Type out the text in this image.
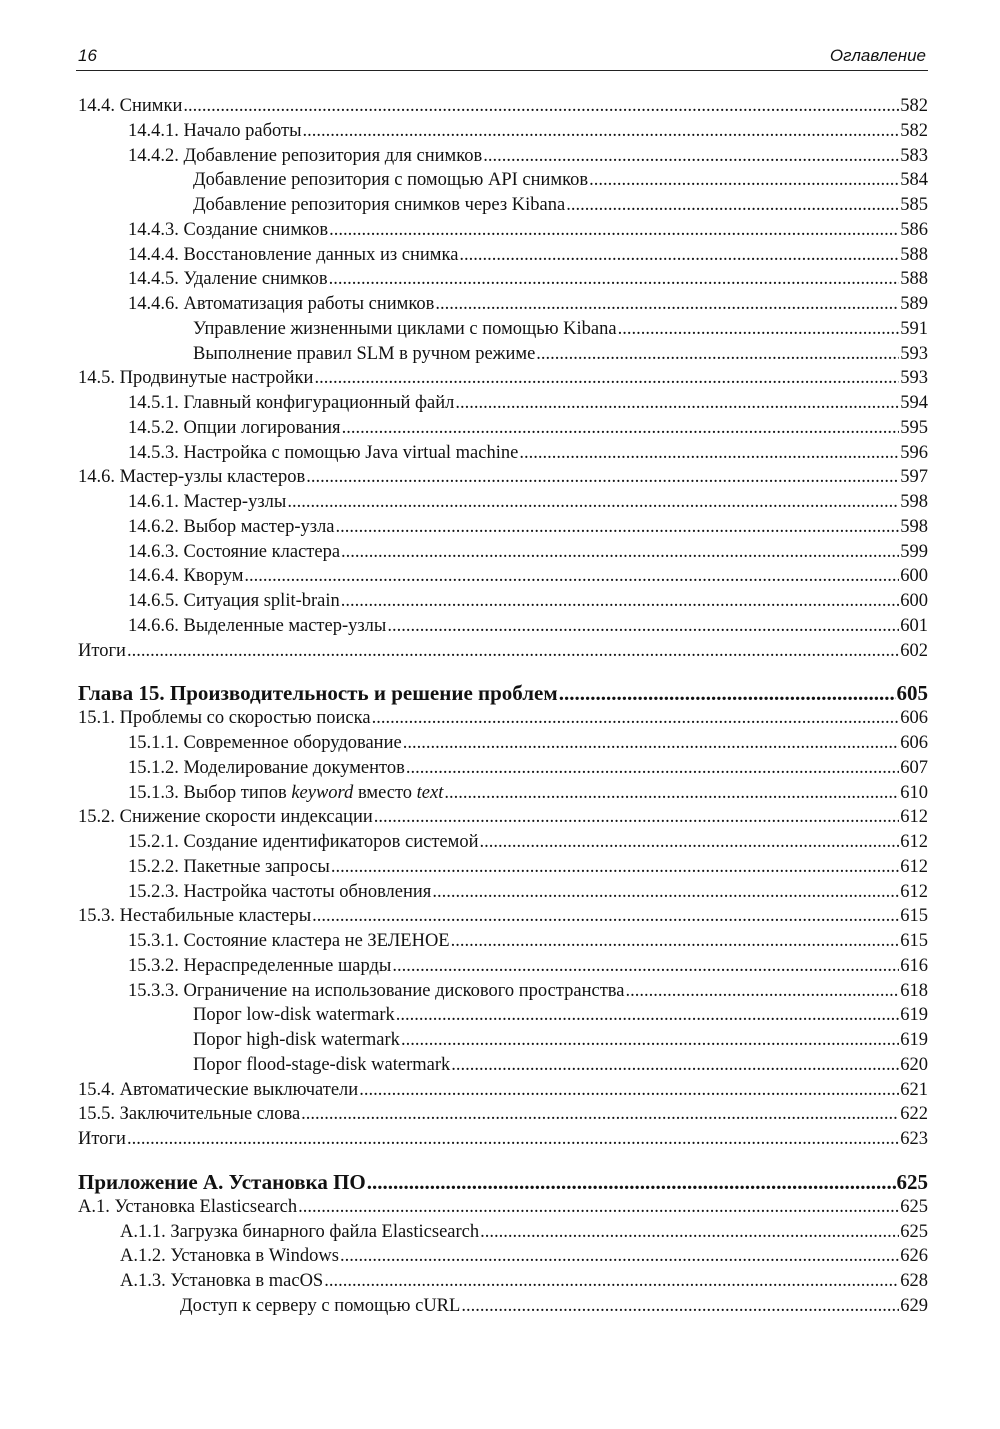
16	Оглавление
14.4. Снимки .....	582
14.4.1. Начало работы .....	582
14.4.2. Добавление репозитория для снимков .....	583
Добавление репозитория с помощью API снимков .....	584
Добавление репозитория снимков через Kibana .....	585
14.4.3. Создание снимков .....	586
14.4.4. Восстановление данных из снимка .....	588
14.4.5. Удаление снимков .....	588
14.4.6. Автоматизация работы снимков .....	589
Управление жизненными циклами с помощью Kibana .....	591
Выполнение правил SLM в ручном режиме .....	593
14.5. Продвинутые настройки .....	593
14.5.1. Главный конфигурационный файл .....	594
14.5.2. Опции логирования .....	595
14.5.3. Настройка с помощью Java virtual machine .....	596
14.6. Мастер-узлы кластеров .....	597
14.6.1. Мастер-узлы .....	598
14.6.2. Выбор мастер-узла .....	598
14.6.3. Состояние кластера .....	599
14.6.4. Кворум .....	600
14.6.5. Ситуация split-brain .....	600
14.6.6. Выделенные мастер-узлы .....	601
Итоги .....	602
Глава 15. Производительность и решение проблем .....	605
15.1. Проблемы со скоростью поиска .....	606
15.1.1. Современное оборудование .....	606
15.1.2. Моделирование документов .....	607
15.1.3. Выбор типов keyword вместо text .....	610
15.2. Снижение скорости индексации .....	612
15.2.1. Создание идентификаторов системой .....	612
15.2.2. Пакетные запросы .....	612
15.2.3. Настройка частоты обновления .....	612
15.3. Нестабильные кластеры .....	615
15.3.1. Состояние кластера не ЗЕЛЕНОЕ .....	615
15.3.2. Нераспределенные шарды .....	616
15.3.3. Ограничение на использование дискового пространства .....	618
Порог low-disk watermark .....	619
Порог high-disk watermark .....	619
Порог flood-stage-disk watermark .....	620
15.4. Автоматические выключатели .....	621
15.5. Заключительные слова .....	622
Итоги .....	623
Приложение А. Установка ПО .....	625
А.1. Установка Elasticsearch .....	625
А.1.1. Загрузка бинарного файла Elasticsearch .....	625
А.1.2. Установка в Windows .....	626
А.1.3. Установка в macOS .....	628
Доступ к серверу с помощью cURL .....	629
